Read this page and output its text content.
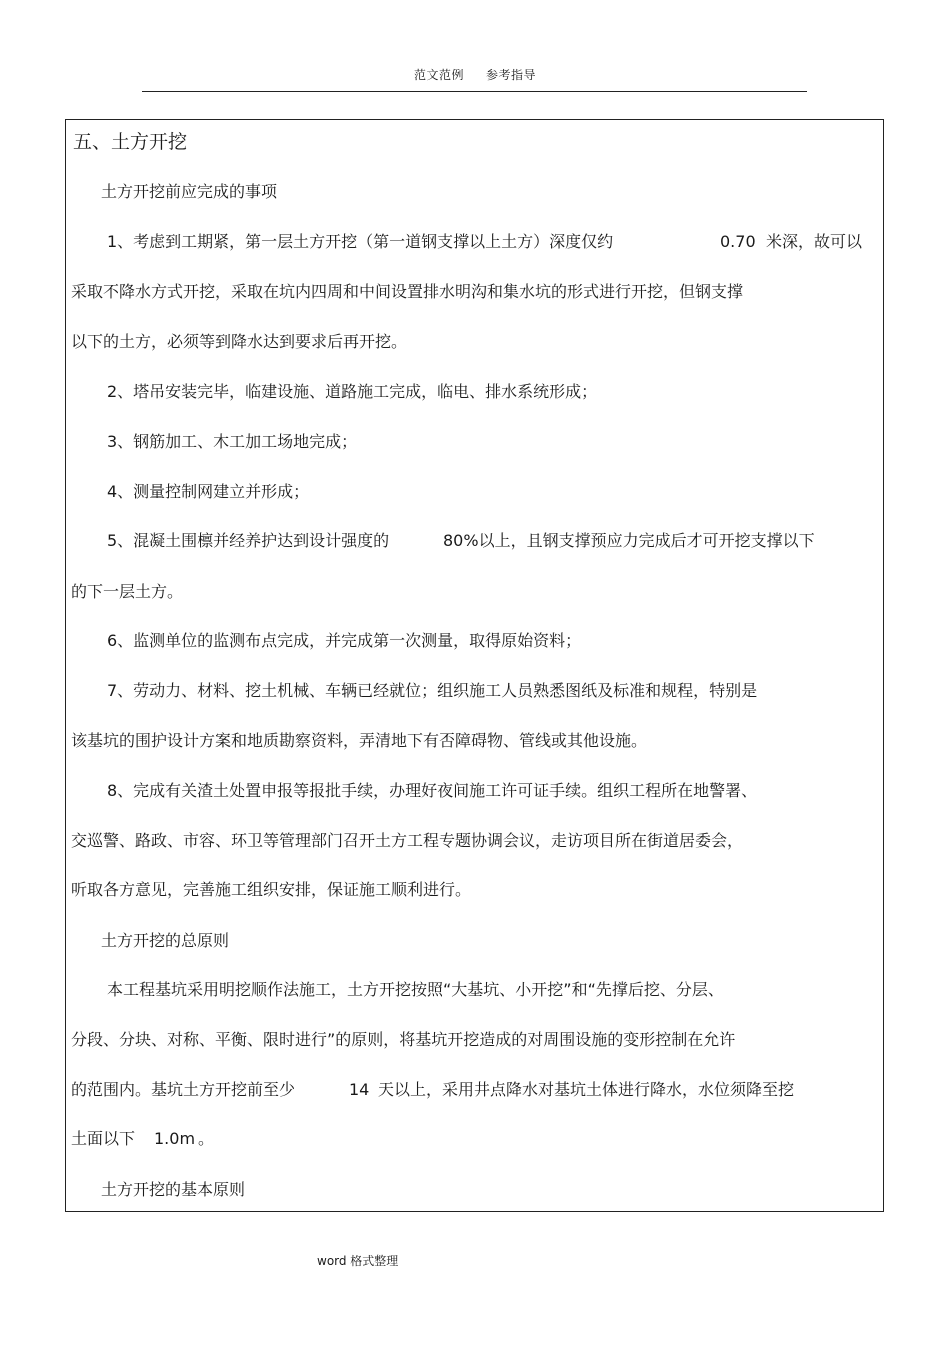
范文范例 参考指导
五、土方开挖
土方开挖前应完成的事项
1、考虑到工期紧，第一层土方开挖（第一道钢支撑以上土方）深度仅约	0.70 米深，故可以
采取不降水方式开挖，采取在坑内四周和中间设置排水明沟和集水坑的形式进行开挖，但钢支撑
以下的土方，必须等到降水达到要求后再开挖。
2、塔吊安装完毕，临建设施、道路施工完成，临电、排水系统形成；
3、钢筋加工、木工加工场地完成；
4、测量控制网建立并形成；
5、混凝土围檩并经养护达到设计强度的	80%以上，且钢支撑预应力完成后才可开挖支撑以下
的下一层土方。
6、监测单位的监测布点完成，并完成第一次测量，取得原始资料；
7、劳动力、材料、挖土机械、车辆已经就位；组织施工人员熟悉图纸及标准和规程，特别是
该基坑的围护设计方案和地质勘察资料，弄清地下有否障碍物、管线或其他设施。
8、完成有关渣土处置申报等报批手续，办理好夜间施工许可证手续。组织工程所在地警署、
交巡警、路政、市容、环卫等管理部门召开土方工程专题协调会议，走访项目所在街道居委会，
听取各方意见，完善施工组织安排，保证施工顺利进行。
土方开挖的总原则
本工程基坑采用明挖顺作法施工，土方开挖按照“大基坑、小开挖”和“先撑后挖、分层、
分段、分块、对称、平衡、限时进行”的原则，将基坑开挖造成的对周围设施的变形控制在允许
的范围内。基坑土方开挖前至少	14 天以上，采用井点降水对基坑土体进行降水，水位须降至挖
土面以下 1.0m 。
土方开挖的基本原则
word 格式整理
